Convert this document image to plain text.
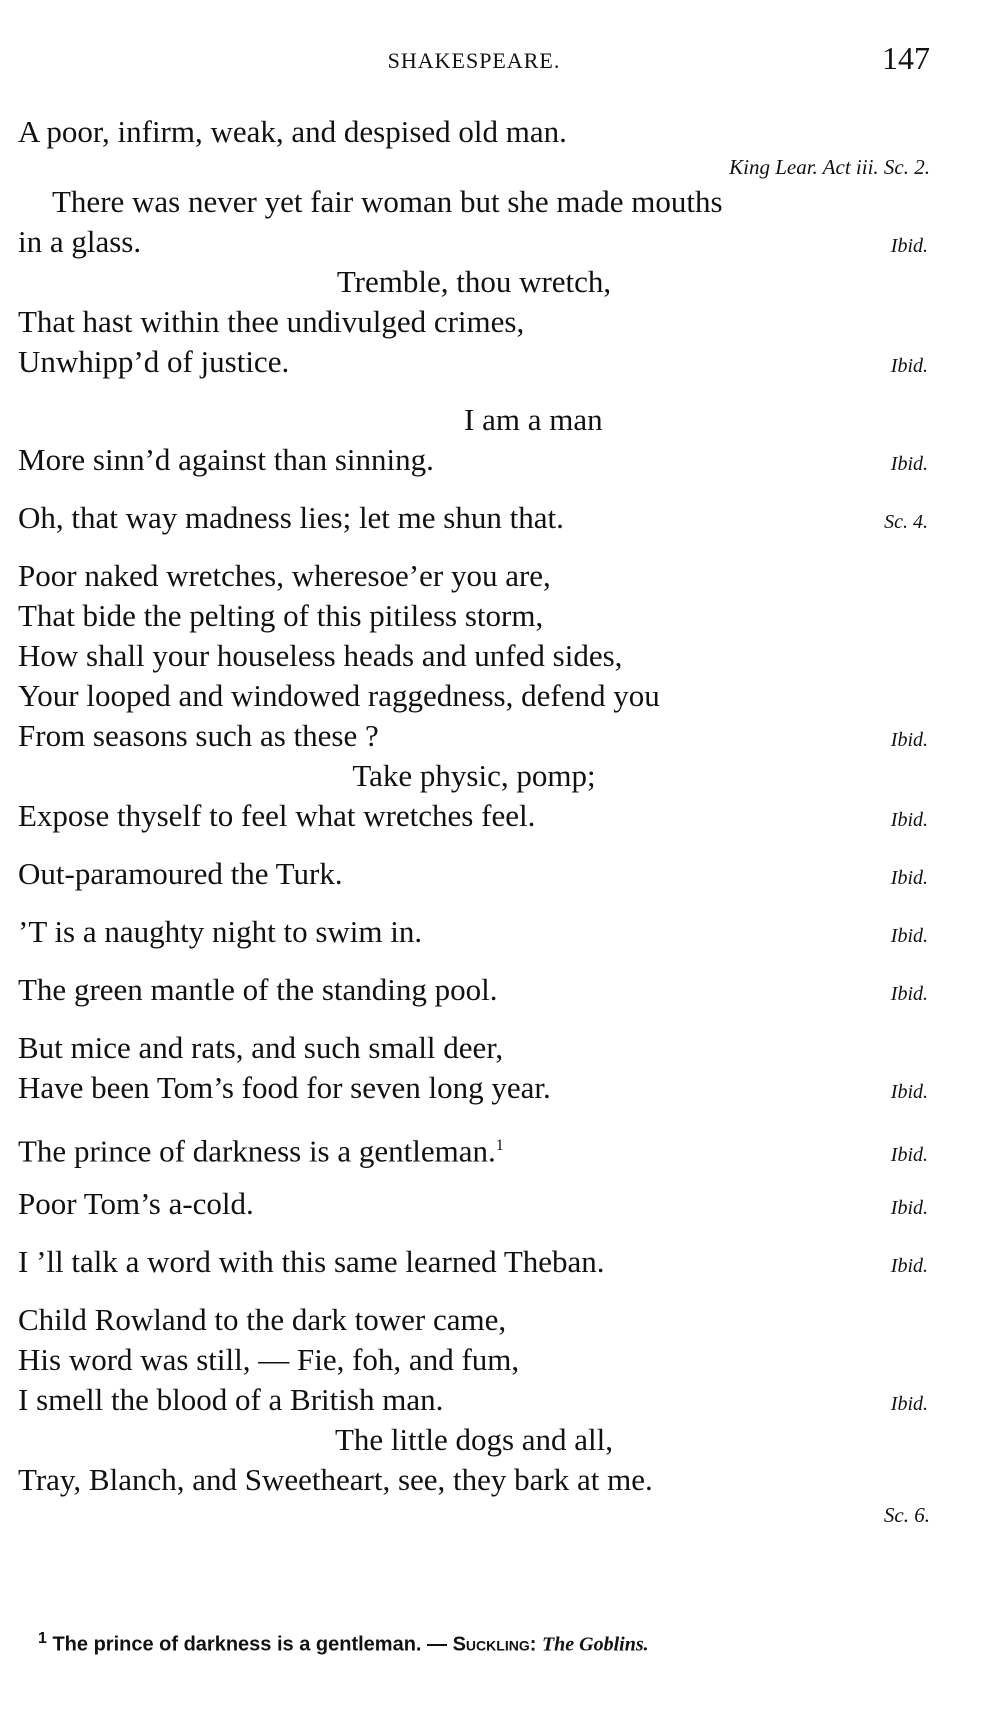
SHAKESPEARE.	147
A poor, infirm, weak, and despised old man.
King Lear. Act iii. Sc. 2.
There was never yet fair woman but she made mouths
in a glass.	Ibid.
Tremble, thou wretch,
That hast within thee undivulged crimes,
Unwhipp’d of justice.	Ibid.
I am a man
More sinn’d against than sinning.	Ibid.
Oh, that way madness lies; let me shun that.	Sc. 4.
Poor naked wretches, wheresoe’er you are,
That bide the pelting of this pitiless storm,
How shall your houseless heads and unfed sides,
Your looped and windowed raggedness, defend you
From seasons such as these ?	Ibid.
Take physic, pomp;
Expose thyself to feel what wretches feel.	Ibid.
Out-paramoured the Turk.	Ibid.
’T is a naughty night to swim in.	Ibid.
The green mantle of the standing pool.	Ibid.
But mice and rats, and such small deer,
Have been Tom’s food for seven long year.	Ibid.
The prince of darkness is a gentleman.$^1$	Ibid.
Poor Tom’s a-cold.	Ibid.
I ’ll talk a word with this same learned Theban.	Ibid.
Child Rowland to the dark tower came,
His word was still, — Fie, foh, and fum,
I smell the blood of a British man.	Ibid.
The little dogs and all,
Tray, Blanch, and Sweetheart, see, they bark at me.
Sc. 6.
$^1$ The prince of darkness is a gentleman. — Suckling: The Goblins.
